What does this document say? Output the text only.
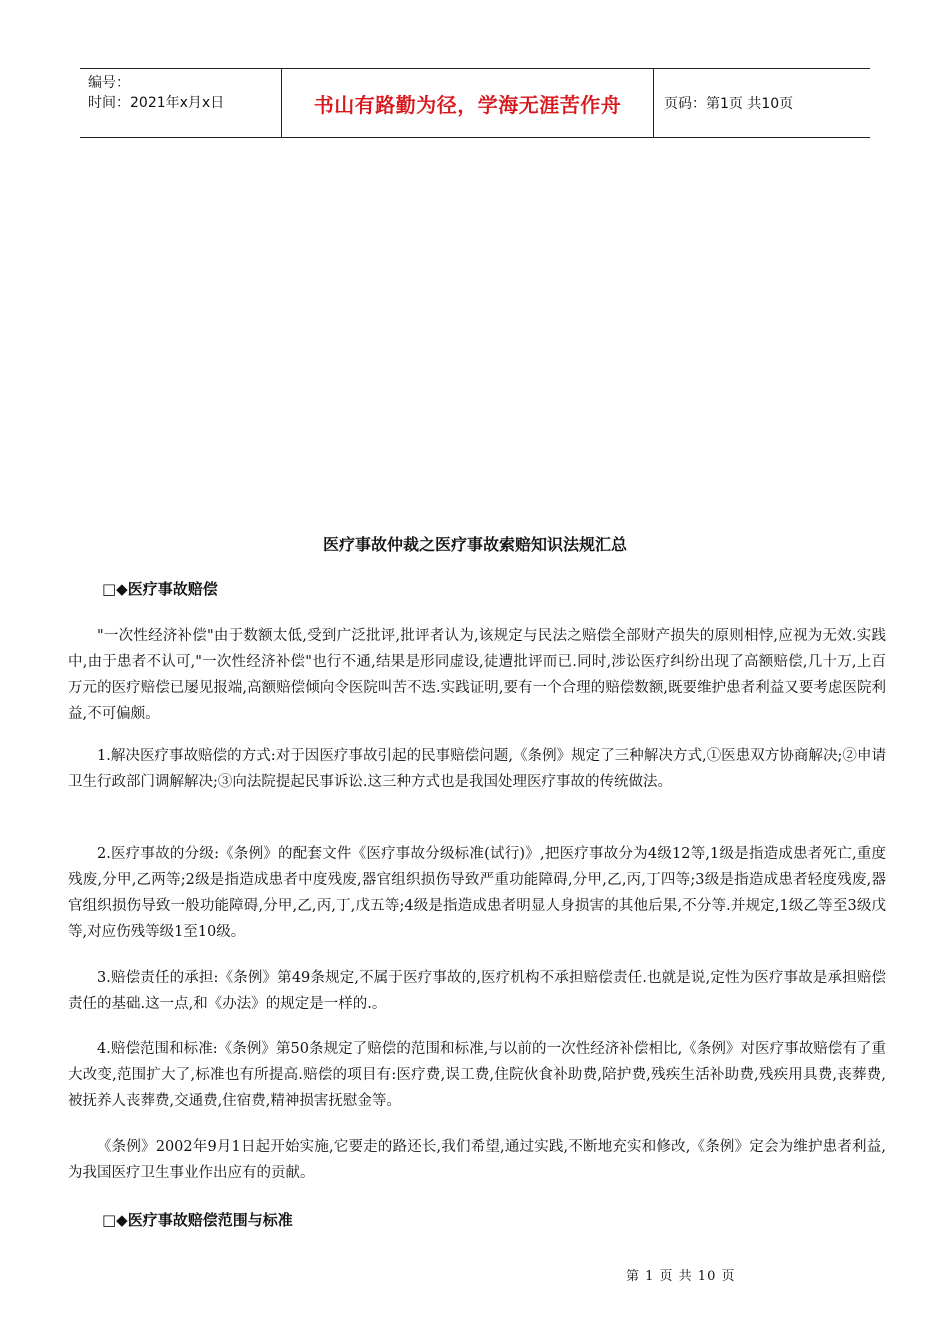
编号：
时间：2021年x月x日	书山有路勤为径，学海无涯苦作舟	页码：第1页 共10页
医疗事故仲裁之医疗事故索赔知识法规汇总
□◆医疗事故赔偿

"一次性经济补偿"由于数额太低,受到广泛批评,批评者认为,该规定与民法之赔偿全部财产损失的原则相悖,应视为无效.实践中,由于患者不认可,"一次性经济补偿"也行不通,结果是形同虚设,徒遭批评而已.同时,涉讼医疗纠纷出现了高额赔偿,几十万,上百万元的医疗赔偿已屡见报端,高额赔偿倾向令医院叫苦不迭.实践证明,要有一个合理的赔偿数额,既要维护患者利益又要考虑医院利益,不可偏颇。

1.解决医疗事故赔偿的方式:对于因医疗事故引起的民事赔偿问题,《条例》规定了三种解决方式,①医患双方协商解决;②申请卫生行政部门调解解决;③向法院提起民事诉讼.这三种方式也是我国处理医疗事故的传统做法。

2.医疗事故的分级:《条例》的配套文件《医疗事故分级标准(试行)》,把医疗事故分为4级12等,1级是指造成患者死亡,重度残废,分甲,乙两等;2级是指造成患者中度残废,器官组织损伤导致严重功能障碍,分甲,乙,丙,丁四等;3级是指造成患者轻度残废,器官组织损伤导致一般功能障碍,分甲,乙,丙,丁,戊五等;4级是指造成患者明显人身损害的其他后果,不分等.并规定,1级乙等至3级戊等,对应伤残等级1至10级。

3.赔偿责任的承担:《条例》第49条规定,不属于医疗事故的,医疗机构不承担赔偿责任.也就是说,定性为医疗事故是承担赔偿责任的基础.这一点,和《办法》的规定是一样的.。

4.赔偿范围和标准:《条例》第50条规定了赔偿的范围和标准,与以前的一次性经济补偿相比,《条例》对医疗事故赔偿有了重大改变,范围扩大了,标准也有所提高.赔偿的项目有:医疗费,误工费,住院伙食补助费,陪护费,残疾生活补助费,残疾用具费,丧葬费,被抚养人丧葬费,交通费,住宿费,精神损害抚慰金等。

《条例》2002年9月1日起开始实施,它要走的路还长,我们希望,通过实践,不断地充实和修改,《条例》定会为维护患者利益,为我国医疗卫生事业作出应有的贡献。

□◆医疗事故赔偿范围与标准
第 1 页 共 10 页
